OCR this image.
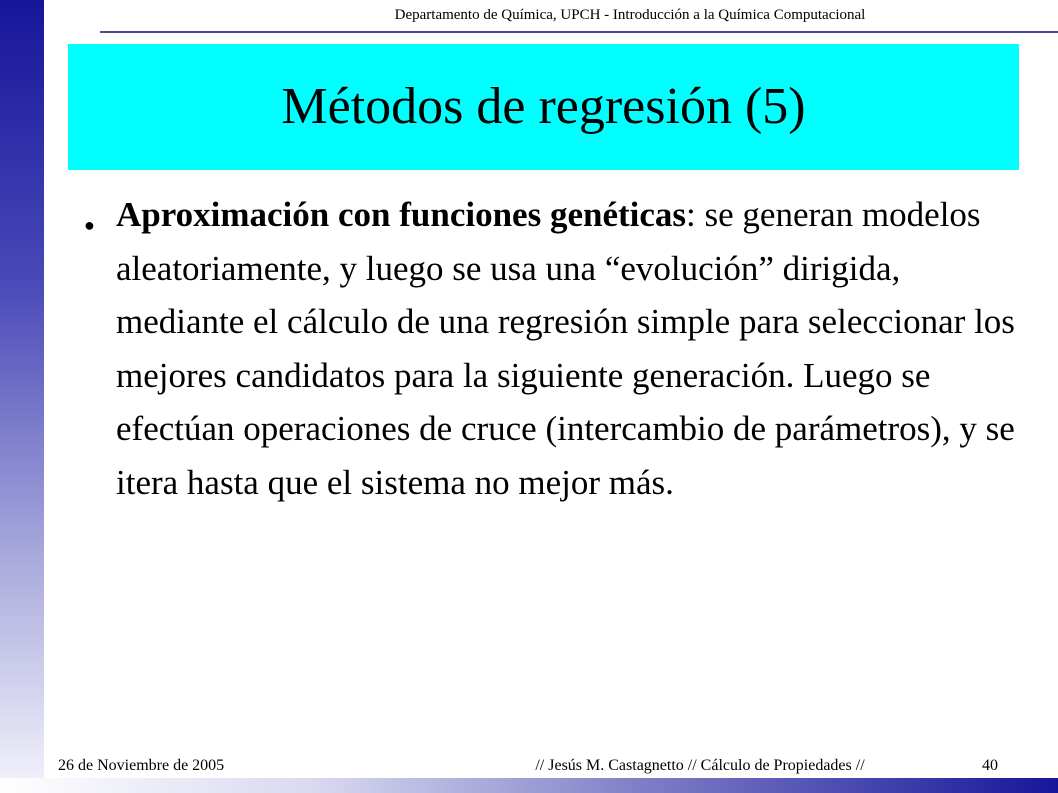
Departamento de Química, UPCH - Introducción a la Química Computacional
Métodos de regresión (5)
● Aproximación con funciones genéticas: se generan modelos aleatoriamente, y luego se usa una “evolución” dirigida, mediante el cálculo de una regresión simple para seleccionar los mejores candidatos para la siguiente generación. Luego se efectúan operaciones de cruce (intercambio de parámetros), y se itera hasta que el sistema no mejor más.
26 de Noviembre de 2005	// Jesús M. Castagnetto // Cálculo de Propiedades //	40
